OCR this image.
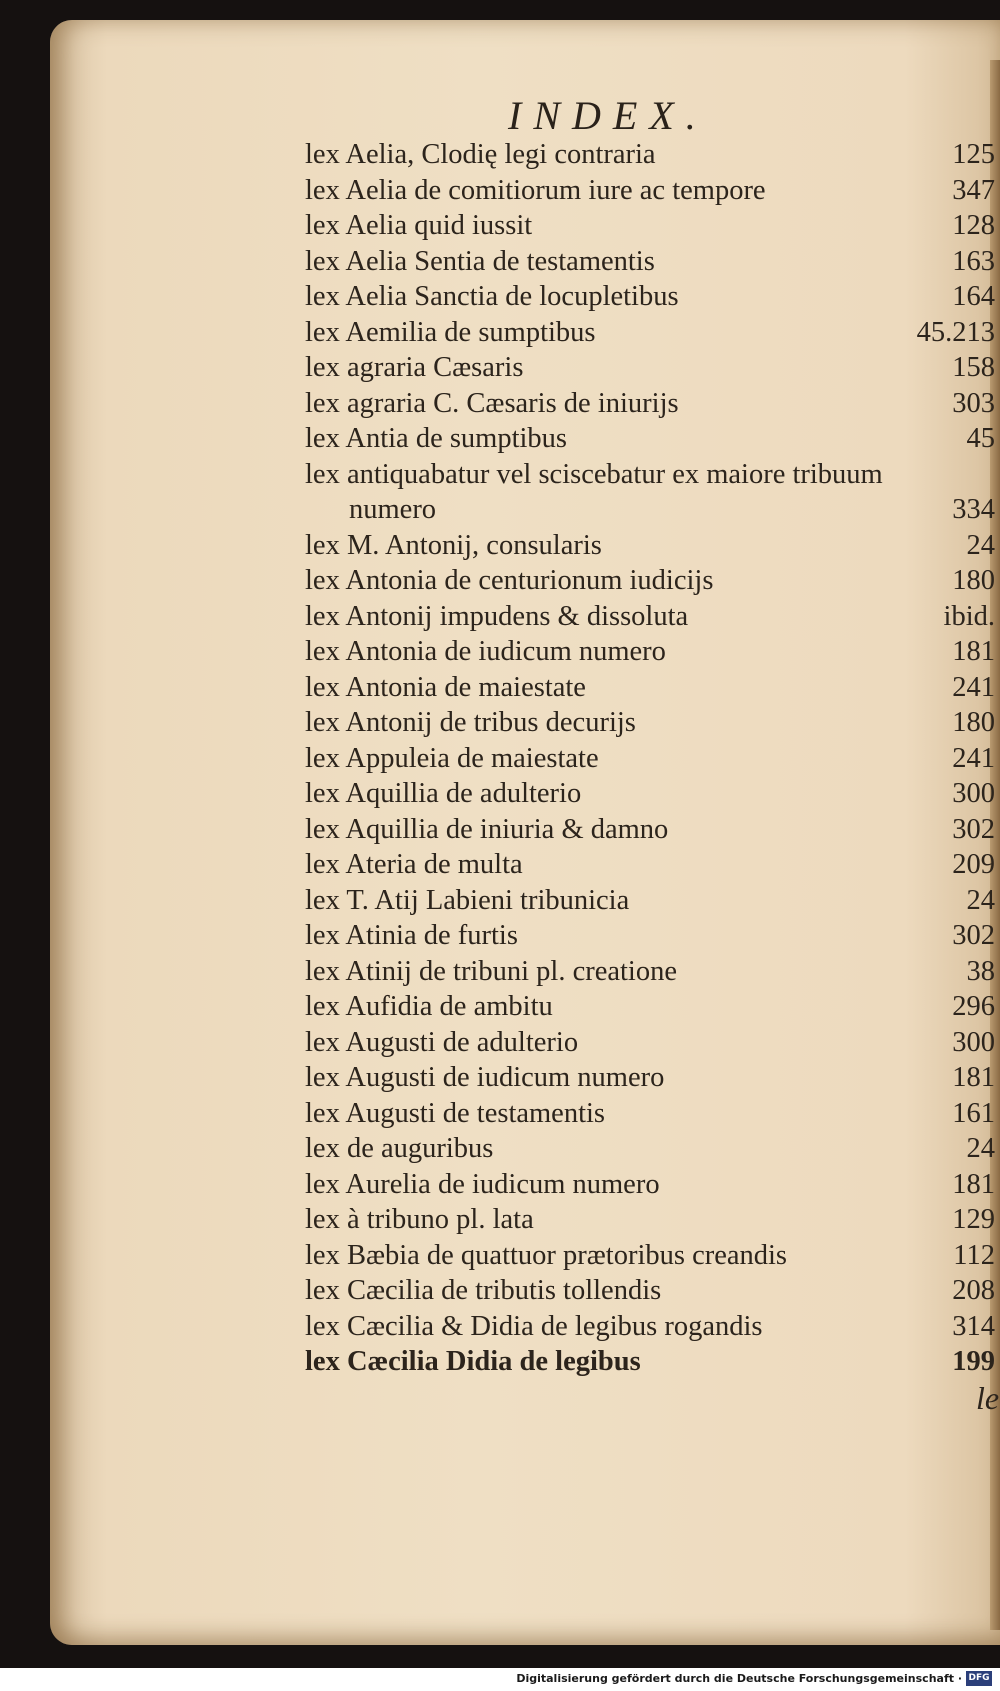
INDEX.
lex Aelia, Clodię legi contraria	125
lex Aelia de comitiorum iure ac tempore	347
lex Aelia quid iussit	128
lex Aelia Sentia de testamentis	163
lex Aelia Sanctia de locupletibus	164
lex Aemilia de sumptibus	45.213
lex agraria Cæsaris	158
lex agraria C. Cæsaris de iniurijs	303
lex Antia de sumptibus	45
lex antiquabatur vel sciscebatur ex maiore tribuum
numero	334
lex M. Antonij, consularis	24
lex Antonia de centurionum iudicijs	180
lex Antonij impudens & dissoluta	ibid.
lex Antonia de iudicum numero	181
lex Antonia de maiestate	241
lex Antonij de tribus decurijs	180
lex Appuleia de maiestate	241
lex Aquillia de adulterio	300
lex Aquillia de iniuria & damno	302
lex Ateria de multa	209
lex T. Atij Labieni tribunicia	24
lex Atinia de furtis	302
lex Atinij de tribuni pl. creatione	38
lex Aufidia de ambitu	296
lex Augusti de adulterio	300
lex Augusti de iudicum numero	181
lex Augusti de testamentis	161
lex de auguribus	24
lex Aurelia de iudicum numero	181
lex à tribuno pl. lata	129
lex Bæbia de quattuor prætoribus creandis	112
lex Cæcilia de tributis tollendis	208
lex Cæcilia & Didia de legibus rogandis	314
lex Cæcilia Didia de legibus	199
le
Digitalisierung gefördert durch die Deutsche Forschungsgemeinschaft · DFG
